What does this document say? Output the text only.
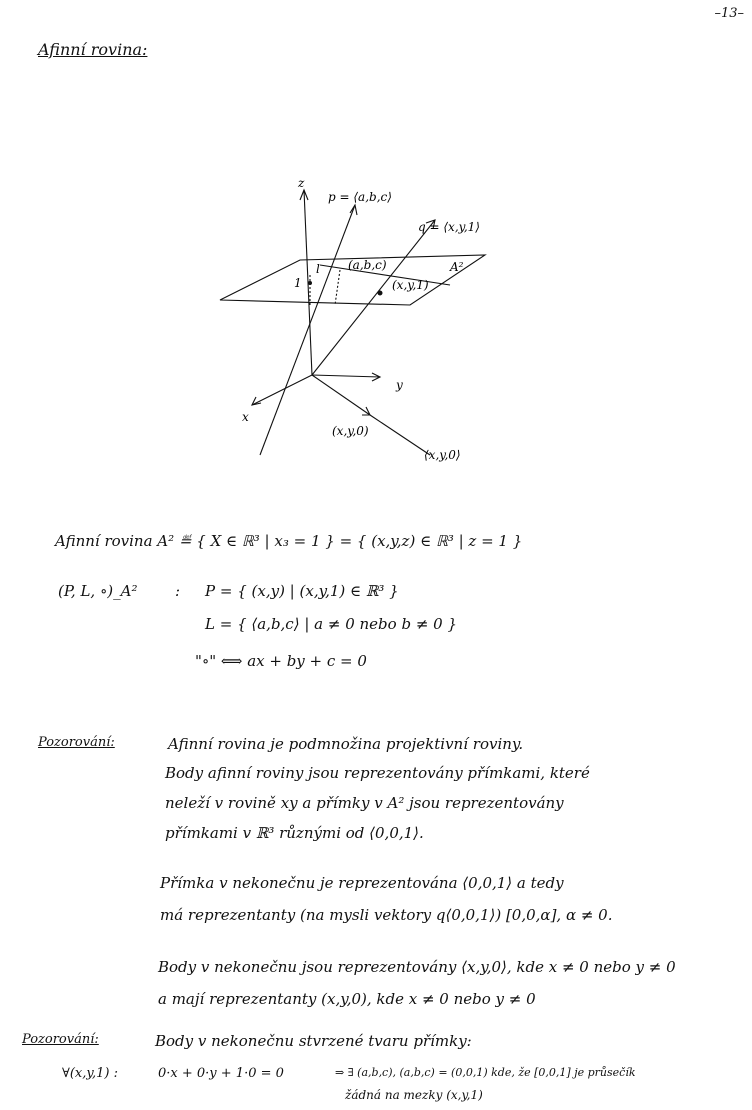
–13–
Afinní rovina:
z
x
y
p = ⟨a,b,c⟩
q = ⟨x,y,1⟩
A²
1
l (a,b,c)
(x,y,1)
(x,y,0)
⟨x,y,0⟩
Afinní rovina A² ≝ { X ∈ ℝ³ | x₃ = 1 } = { (x,y,z) ∈ ℝ³ | z = 1 }
(P, L, ∘)_A²	: P = { (x,y) | (x,y,1) ∈ ℝ³ }
L = { ⟨a,b,c⟩ | a ≠ 0 nebo b ≠ 0 }
"∘" ⟺ ax + by + c = 0
Pozorování:	Afinní rovina je podmnožina projektivní roviny.
Body afinní roviny jsou reprezentovány přímkami, které
neleží v rovině xy a přímky v A² jsou reprezentovány
přímkami v ℝ³ různými od ⟨0,0,1⟩.
Přímka v nekonečnu je reprezentována ⟨0,0,1⟩ a tedy
má reprezentanty (na mysli vektory q⟨0,0,1⟩) [0,0,α], α ≠ 0.
Body v nekonečnu jsou reprezentovány ⟨x,y,0⟩, kde x ≠ 0 nebo y ≠ 0
a mají reprezentanty (x,y,0), kde x ≠ 0 nebo y ≠ 0
Pozorování:	Body v nekonečnu stvrzené tvaru přímky:
∀(x,y,1) :	0·x + 0·y + 1·0 = 0	⇒ ∃ (a,b,c), (a,b,c) = (0,0,1) kde, že [0,0,1] je průsečík
žádná na mezky (x,y,1)
